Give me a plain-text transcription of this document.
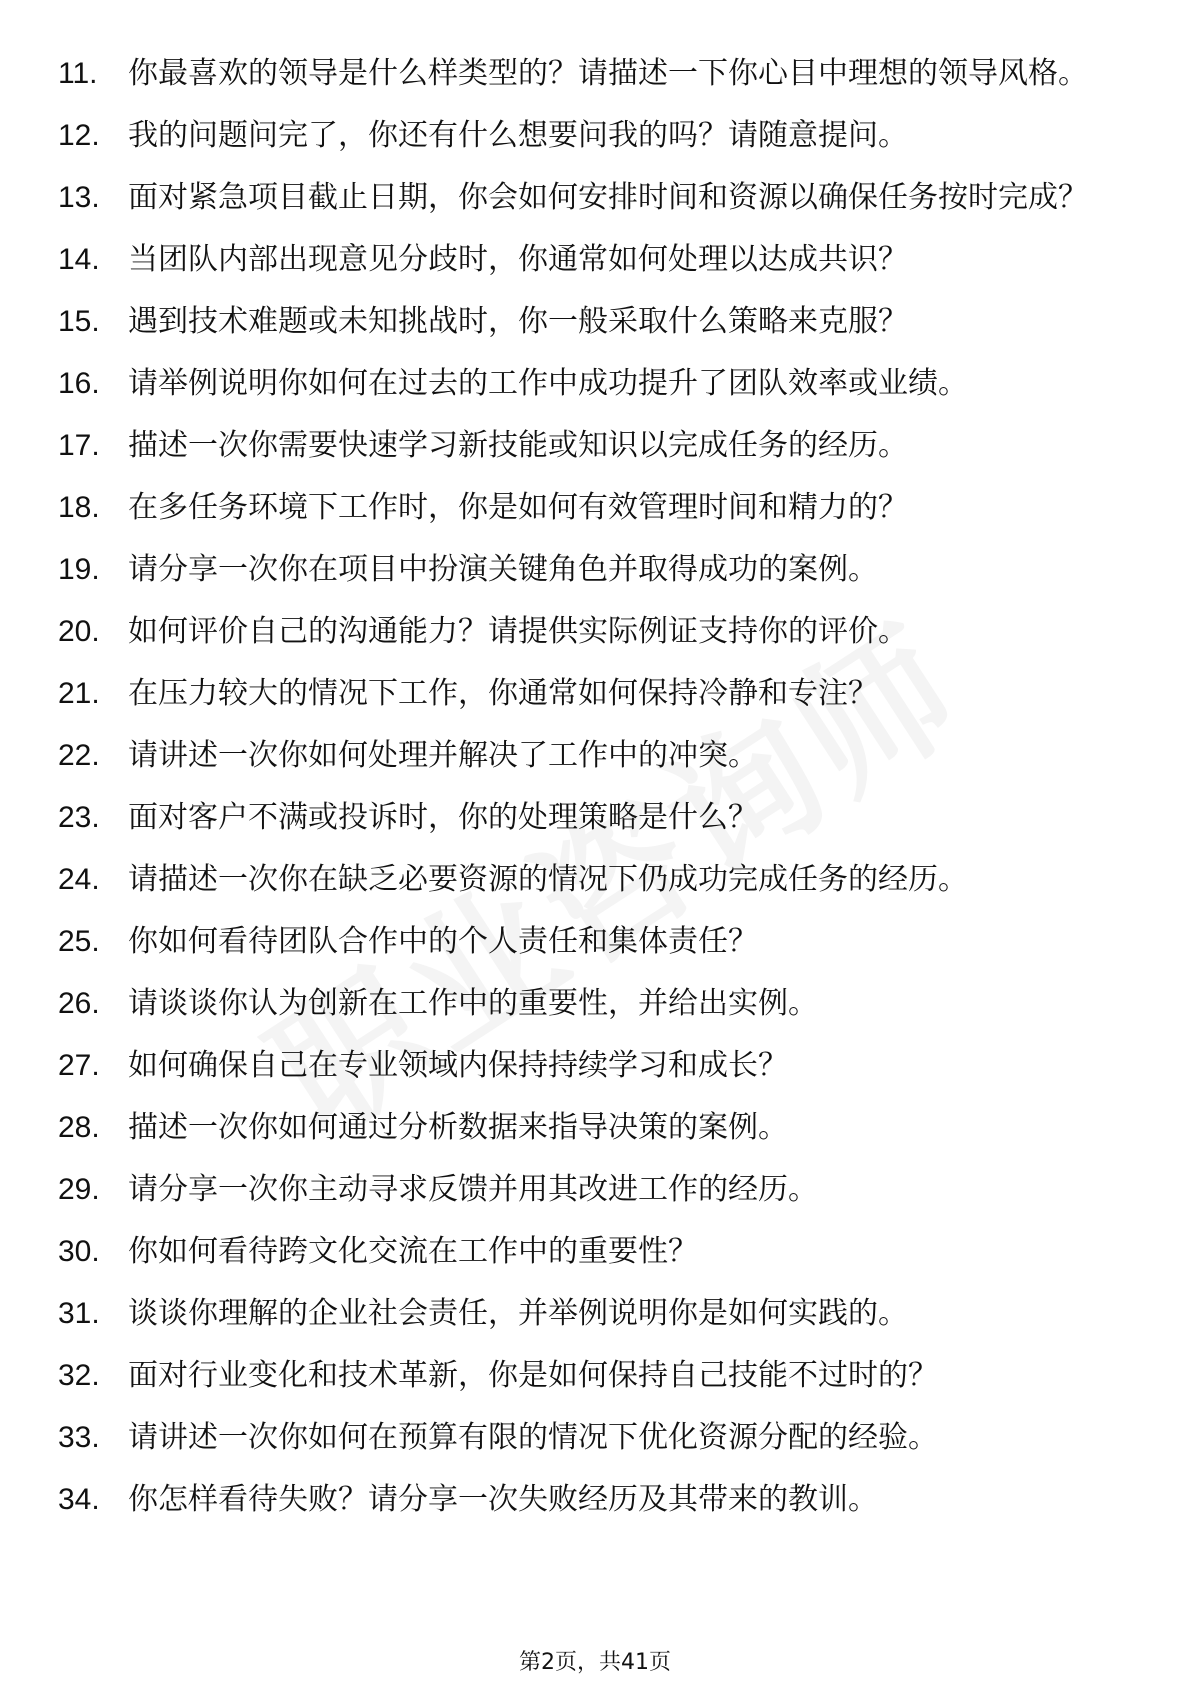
11.	你最喜欢的领导是什么样类型的？请描述一下你心目中理想的领导风格。
12. 我的问题问完了，你还有什么想要问我的吗？请随意提问。
13. 面对紧急项目截止日期，你会如何安排时间和资源以确保任务按时完成？
14. 当团队内部出现意见分歧时，你通常如何处理以达成共识？
15. 遇到技术难题或未知挑战时，你一般采取什么策略来克服？
16. 请举例说明你如何在过去的工作中成功提升了团队效率或业绩。
17. 描述一次你需要快速学习新技能或知识以完成任务的经历。
18. 在多任务环境下工作时，你是如何有效管理时间和精力的？
19. 请分享一次你在项目中扮演关键角色并取得成功的案例。
20. 如何评价自己的沟通能力？请提供实际例证支持你的评价。
21. 在压力较大的情况下工作，你通常如何保持冷静和专注？
22. 请讲述一次你如何处理并解决了工作中的冲突。
23. 面对客户不满或投诉时，你的处理策略是什么？
24. 请描述一次你在缺乏必要资源的情况下仍成功完成任务的经历。
25. 你如何看待团队合作中的个人责任和集体责任？
26. 请谈谈你认为创新在工作中的重要性，并给出实例。
27. 如何确保自己在专业领域内保持持续学习和成长？
28. 描述一次你如何通过分析数据来指导决策的案例。
29. 请分享一次你主动寻求反馈并用其改进工作的经历。
30. 你如何看待跨文化交流在工作中的重要性？
31. 谈谈你理解的企业社会责任，并举例说明你是如何实践的。
32. 面对行业变化和技术革新，你是如何保持自己技能不过时的？
33. 请讲述一次你如何在预算有限的情况下优化资源分配的经验。
34. 你怎样看待失败？请分享一次失败经历及其带来的教训。
第2页，共41页
